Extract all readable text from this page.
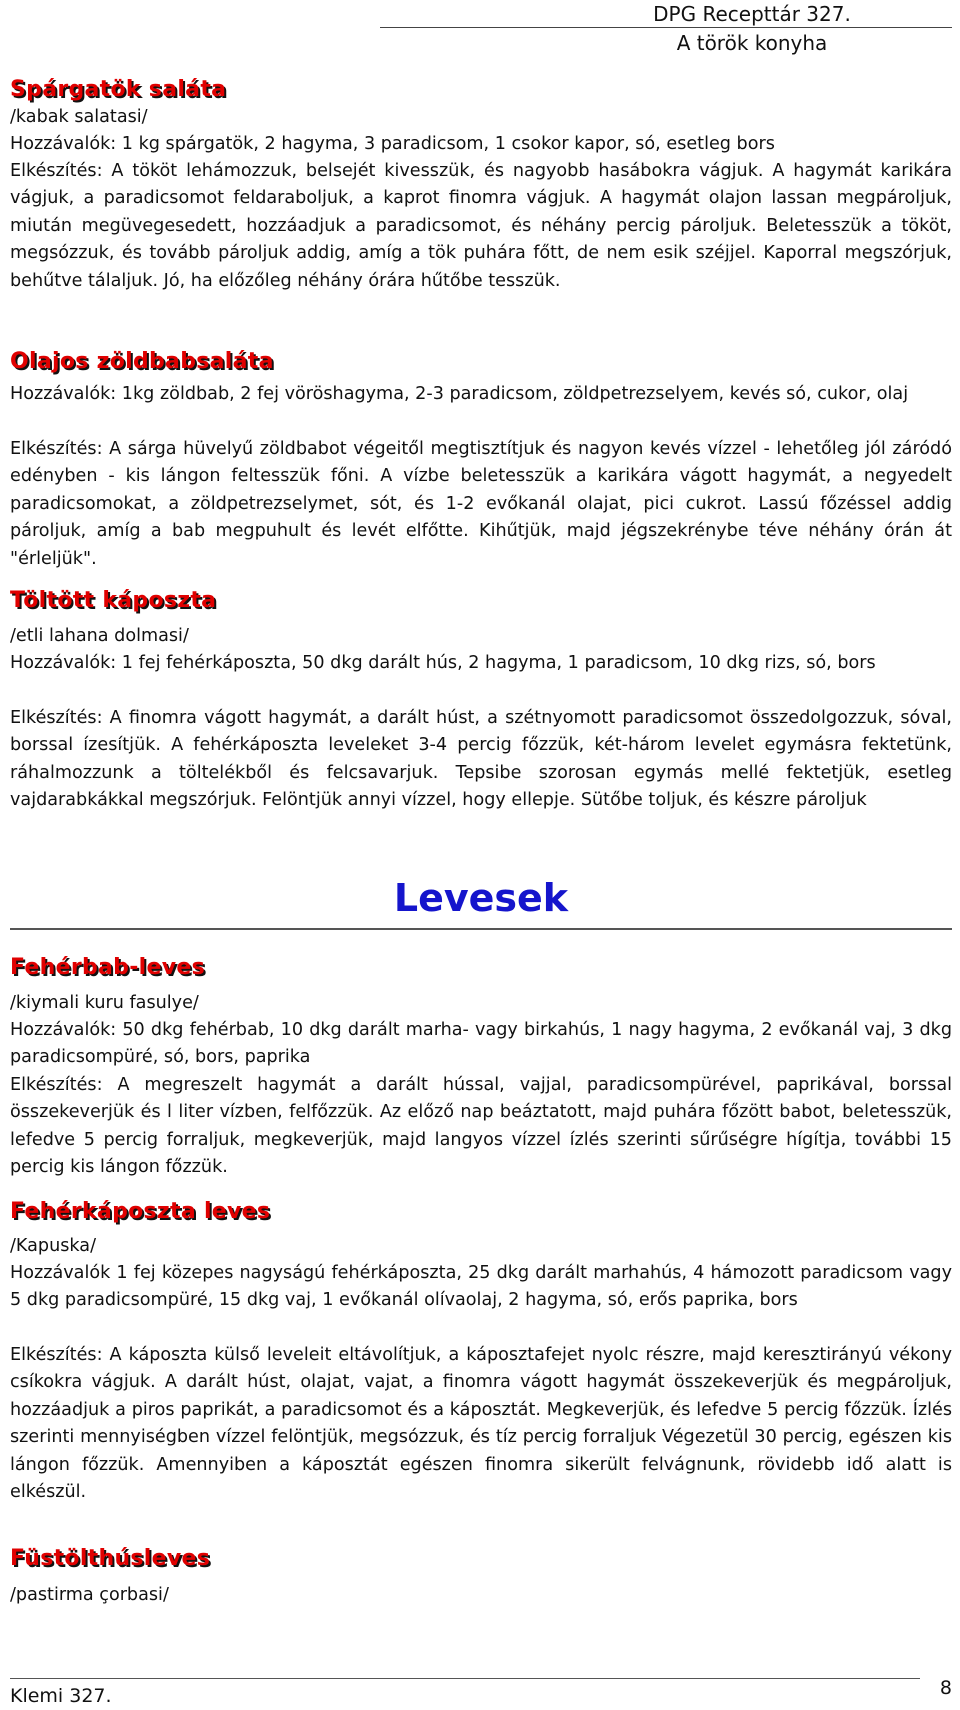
DPG Recepttár 327.
A török konyha
Spárgatök saláta
/kabak salatasi/
Hozzávalók: 1 kg spárgatök, 2 hagyma, 3 paradicsom, 1 csokor kapor, só, esetleg bors
Elkészítés: A tököt lehámozzuk, belsejét kivesszük, és nagyobb hasábokra vágjuk. A hagymát karikára vágjuk, a paradicsomot feldaraboljuk, a kaprot finomra vágjuk. A hagymát olajon lassan megpároljuk, miután megüvegesedett, hozzáadjuk a paradicsomot, és néhány percig pároljuk. Beletesszük a tököt, megsózzuk, és tovább pároljuk addig, amíg a tök puhára főtt, de nem esik széjjel. Kaporral megszórjuk, behűtve tálaljuk. Jó, ha előzőleg néhány órára hűtőbe tesszük.
Olajos zöldbabsaláta
Hozzávalók: 1kg zöldbab, 2 fej vöröshagyma, 2-3 paradicsom, zöldpetrezselyem, kevés só, cukor, olaj
Elkészítés: A sárga hüvelyű zöldbabot végeitől megtisztítjuk és nagyon kevés vízzel - lehetőleg jól záródó edényben - kis lángon feltesszük főni. A vízbe beletesszük a karikára vágott hagymát, a negyedelt paradicsomokat, a zöldpetrezselymet, sót, és 1-2 evőkanál olajat, pici cukrot. Lassú főzéssel addig pároljuk, amíg a bab megpuhult és levét elfőtte. Kihűtjük, majd jégszekrénybe téve néhány órán át "érleljük".
Töltött káposzta
/etli lahana dolmasi/
Hozzávalók: 1 fej fehérkáposzta, 50 dkg darált hús, 2 hagyma, 1 paradicsom, 10 dkg rizs, só, bors
Elkészítés: A finomra vágott hagymát, a darált húst, a szétnyomott paradicsomot összedolgozzuk, sóval, borssal ízesítjük. A fehérkáposzta leveleket 3-4 percig főzzük, két-három levelet egymásra fektetünk, ráhalmozzunk a töltelékből és felcsavarjuk. Tepsibe szorosan egymás mellé fektetjük, esetleg vajdarabkákkal megszórjuk. Felöntjük annyi vízzel, hogy ellepje. Sütőbe toljuk, és készre pároljuk
Levesek
Fehérbab-leves
/kiymali kuru fasulye/
Hozzávalók: 50 dkg fehérbab, 10 dkg darált marha- vagy birkahús, 1 nagy hagyma, 2 evőkanál vaj, 3 dkg paradicsompüré, só, bors, paprika
Elkészítés: A megreszelt hagymát a darált hússal, vajjal, paradicsompürével, paprikával, borssal összekeverjük és l liter vízben, felfőzzük. Az előző nap beáztatott, majd puhára főzött babot, beletesszük, lefedve 5 percig forraljuk, megkeverjük, majd langyos vízzel ízlés szerinti sűrűségre hígítja, további 15 percig kis lángon főzzük.
Fehérkáposzta leves
/Kapuska/
Hozzávalók 1 fej közepes nagyságú fehérkáposzta, 25 dkg darált marhahús, 4 hámozott paradicsom vagy 5 dkg paradicsompüré, 15 dkg vaj, 1 evőkanál olívaolaj, 2 hagyma, só, erős paprika, bors
Elkészítés: A káposzta külső leveleit eltávolítjuk, a káposztafejet nyolc részre, majd keresztirányú vékony csíkokra vágjuk. A darált húst, olajat, vajat, a finomra vágott hagymát összekeverjük és megpároljuk, hozzáadjuk a piros paprikát, a paradicsomot és a káposztát. Megkeverjük, és lefedve 5 percig főzzük. Ízlés szerinti mennyiségben vízzel felöntjük, megsózzuk, és tíz percig forraljuk Végezetül 30 percig, egészen kis lángon főzzük. Amennyiben a káposztát egészen finomra sikerült felvágnunk, rövidebb idő alatt is elkészül.
Füstölthúsleves
/pastirma çorbasi/
Klemi 327.	8
